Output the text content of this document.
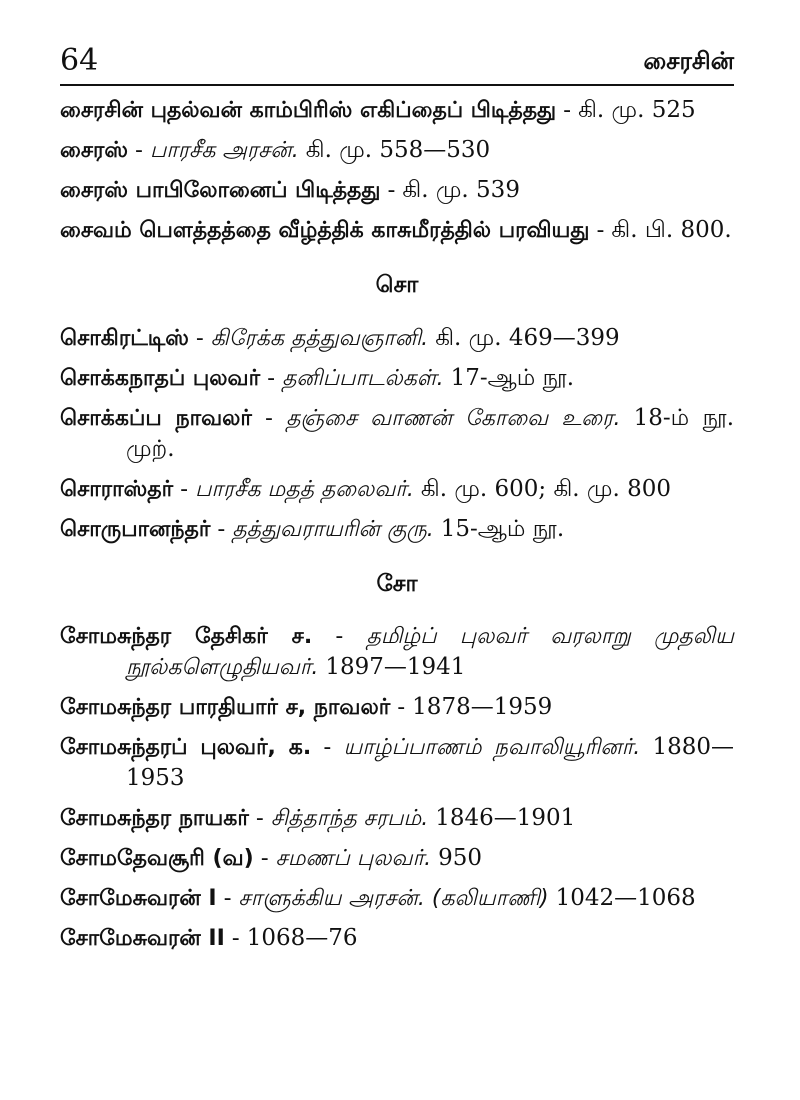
64	சைரசின்

சைரசின் புதல்வன் காம்பிரிஸ் எகிப்தைப் பிடித்தது - கி. மு. 525

சைரஸ் - பாரசீக அரசன். கி. மு. 558—530

சைரஸ் பாபிலோனைப் பிடித்தது - கி. மு. 539

சைவம் பௌத்தத்தை வீழ்த்திக் காசுமீரத்தில் பரவியது - கி. பி. 800.

சொ

சொகிரட்டிஸ் - கிரேக்க தத்துவஞானி. கி. மு. 469—399

சொக்கநாதப் புலவர் - தனிப்பாடல்கள். 17-ஆம் நூ.

சொக்கப்ப நாவலர் - தஞ்சை வாணன் கோவை உரை. 18-ம் நூ. முற்.

சொராஸ்தர் - பாரசீக மதத் தலைவர். கி. மு. 600; கி. மு. 800

சொருபானந்தர் - தத்துவராயரின் குரு. 15-ஆம் நூ.

சோ

சோமசுந்தர தேசிகர் ச. - தமிழ்ப் புலவர் வரலாறு முதலிய நூல்களெழுதியவர். 1897—1941

சோமசுந்தர பாரதியார் ச, நாவலர் - 1878—1959

சோமசுந்தரப் புலவர், க. - யாழ்ப்பாணம் நவாலியூரினர். 1880—1953

சோமசுந்தர நாயகர் - சித்தாந்த சரபம். 1846—1901

சோமதேவசூரி (வ) - சமணப் புலவர். 950

சோமேசுவரன் I - சாளுக்கிய அரசன். (கலியாணி) 1042—1068

சோமேசுவரன் II - 1068—76
